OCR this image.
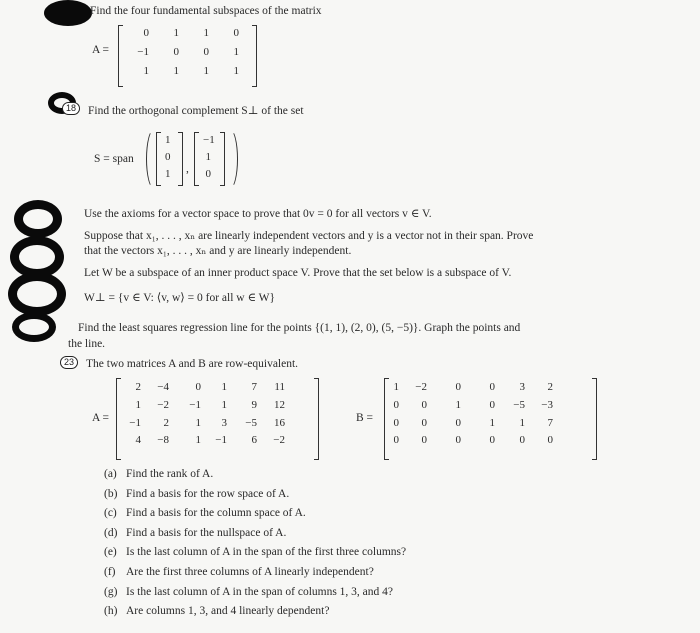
Find the four fundamental subspaces of the matrix
A =
0	1	1	0
−1	0	0	1
1	1	1	1
18	Find the orthogonal complement S⊥ of the set
S = span
1
0
1	,
−1
1
0
Use the axioms for a vector space to prove that 0v = 0 for all vectors v ∈ V.
Suppose that x₁, . . . , xₙ are linearly independent vectors and y is a vector not in their span. Prove
that the vectors x₁, . . . , xₙ and y are linearly independent.
Let W be a subspace of an inner product space V. Prove that the set below is a subspace of V.
W⊥ = {v ∈ V: ⟨v, w⟩ = 0 for all w ∈ W}
Find the least squares regression line for the points {(1, 1), (2, 0), (5, −5)}. Graph the points and
the line.
23	The two matrices A and B are row-equivalent.
A =
2	−4	0	1	7	11
1	−2	−1	1	9	12
−1	2	1	3	−5	16
4	−8	1	−1	6	−2
B =
1	−2	0	0	3	2
0	0	1	0	−5	−3
0	0	0	1	1	7
0	0	0	0	0	0
(a) Find the rank of A.
(b) Find a basis for the row space of A.
(c) Find a basis for the column space of A.
(d) Find a basis for the nullspace of A.
(e) Is the last column of A in the span of the first three columns?
(f) Are the first three columns of A linearly independent?
(g) Is the last column of A in the span of columns 1, 3, and 4?
(h) Are columns 1, 3, and 4 linearly dependent?
